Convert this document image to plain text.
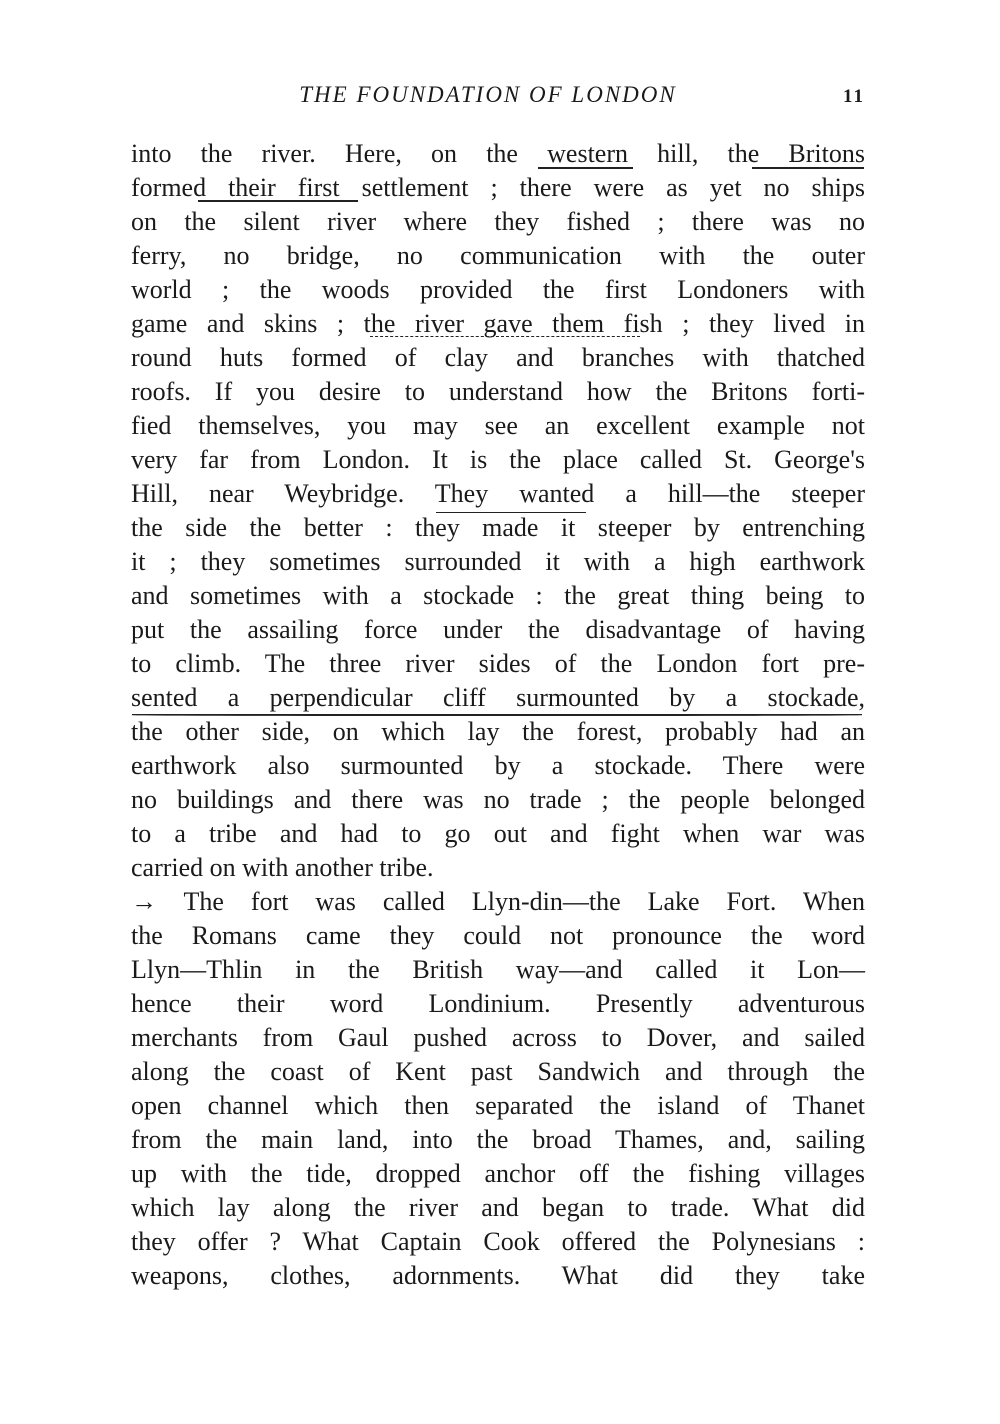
THE FOUNDATION OF LONDON	11
into the river. Here, on the western hill, the Britons
formed their first settlement ; there were as yet no ships
on the silent river where they fished ; there was no
ferry, no bridge, no communication with the outer
world ; the woods provided the first Londoners with
game and skins ; the river gave them fish ; they lived in
round huts formed of clay and branches with thatched
roofs. If you desire to understand how the Britons forti-
fied themselves, you may see an excellent example not
very far from London. It is the place called St. George's
Hill, near Weybridge. They wanted a hill—the steeper
the side the better : they made it steeper by entrenching
it ; they sometimes surrounded it with a high earthwork
and sometimes with a stockade : the great thing being to
put the assailing force under the disadvantage of having
to climb. The three river sides of the London fort pre-
sented a perpendicular cliff surmounted by a stockade,
the other side, on which lay the forest, probably had an
earthwork also surmounted by a stockade. There were
no buildings and there was no trade ; the people belonged
to a tribe and had to go out and fight when war was
carried on with another tribe.
→ The fort was called Llyn-din—the Lake Fort. When
the Romans came they could not pronounce the word
Llyn—Thlin in the British way—and called it Lon—
hence their word Londinium. Presently adventurous
merchants from Gaul pushed across to Dover, and sailed
along the coast of Kent past Sandwich and through the
open channel which then separated the island of Thanet
from the main land, into the broad Thames, and, sailing
up with the tide, dropped anchor off the fishing villages
which lay along the river and began to trade. What did
they offer ? What Captain Cook offered the Polynesians :
weapons, clothes, adornments. What did they take
